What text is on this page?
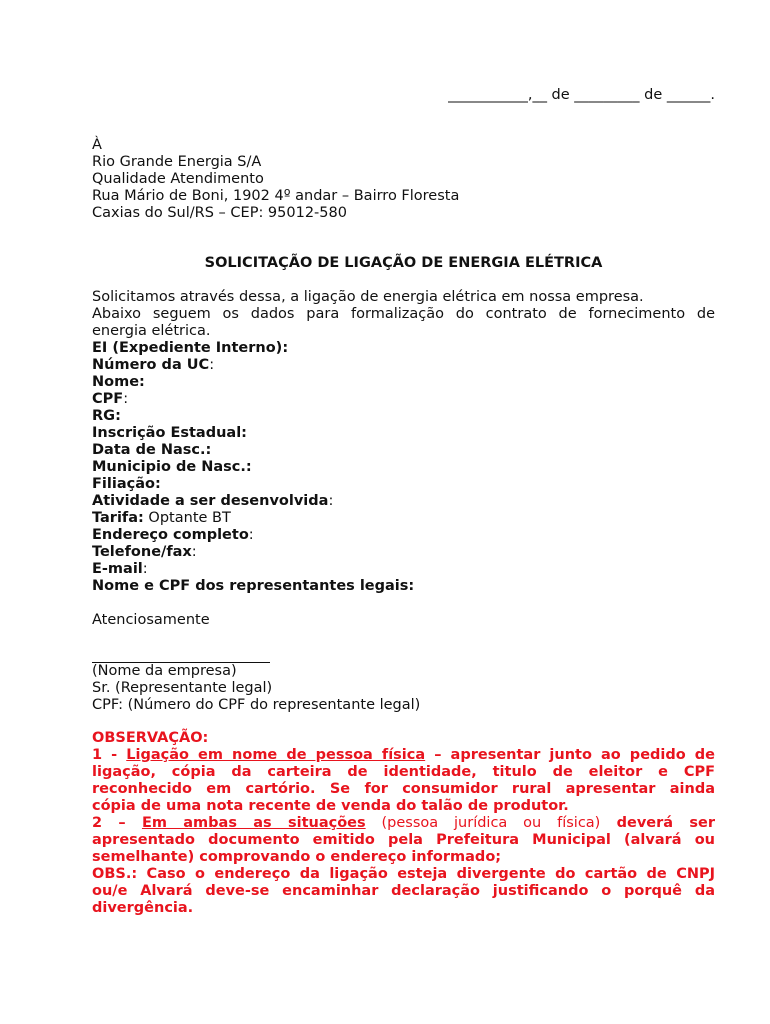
___________,__ de _________ de ______.
À
Rio Grande Energia S/A
Qualidade Atendimento
Rua Mário de Boni, 1902 4º andar – Bairro Floresta
Caxias do Sul/RS – CEP: 95012-580
SOLICITAÇÃO DE LIGAÇÃO DE ENERGIA ELÉTRICA
Solicitamos através dessa, a ligação de energia elétrica em nossa empresa.
Abaixo seguem os dados para formalização do contrato de fornecimento de
energia elétrica.
EI (Expediente Interno):
Número da UC:
Nome:
CPF:
RG:
Inscrição Estadual:
Data de Nasc.:
Municipio de Nasc.:
Filiação:
Atividade a ser desenvolvida:
Tarifa: Optante BT
Endereço completo:
Telefone/fax:
E-mail:
Nome e CPF dos representantes legais:
Atenciosamente
(Nome da empresa)
Sr. (Representante legal)
CPF: (Número do CPF do representante legal)
OBSERVAÇÃO:
1 - Ligação em nome de pessoa física – apresentar junto ao pedido de
ligação, cópia da carteira de identidade, titulo de eleitor e CPF
reconhecido em cartório. Se for consumidor rural apresentar ainda
cópia de uma nota recente de venda do talão de produtor.
2 – Em ambas as situações (pessoa jurídica ou física) deverá ser
apresentado documento emitido pela Prefeitura Municipal (alvará ou
semelhante) comprovando o endereço informado;
OBS.: Caso o endereço da ligação esteja divergente do cartão de CNPJ
ou/e Alvará deve-se encaminhar declaração justificando o porquê da
divergência.
